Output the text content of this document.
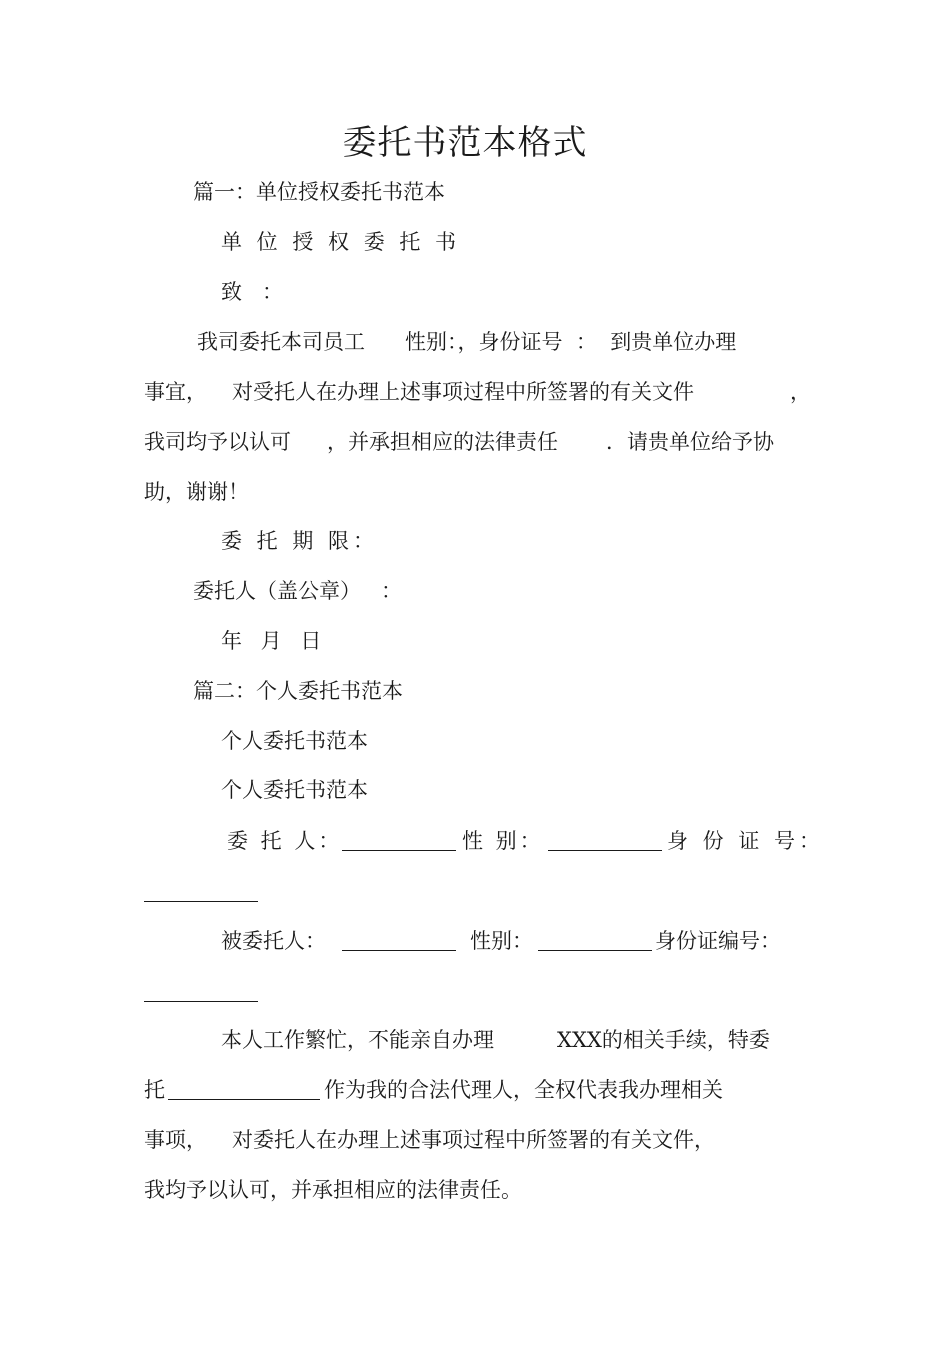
委托书范本格式
篇一：单位授权委托书范本
单 位 授 权 委 托 书
致   ：
我司委托本司员工      性别：，身份证号  ：  到贵单位办理
事宜， 对受托人在办理上述事项过程中所签署的有关文件	，
我司均予以认可 ，并承担相应的法律责任 ．请贵单位给予协
助，谢谢！
委 托 期 限：
委托人（盖公章）   ：
年 月 日
篇二：个人委托书范本
个人委托书范本
个人委托书范本
委 托 人：	性 别：	身 份 证 号：
被委托人：	性别：	身份证编号：
本人工作繁忙，不能亲自办理	XXX的相关手续，特委
托	作为我的合法代理人，全权代表我办理相关
事项， 对委托人在办理上述事项过程中所签署的有关文件，
我均予以认可，并承担相应的法律责任。
